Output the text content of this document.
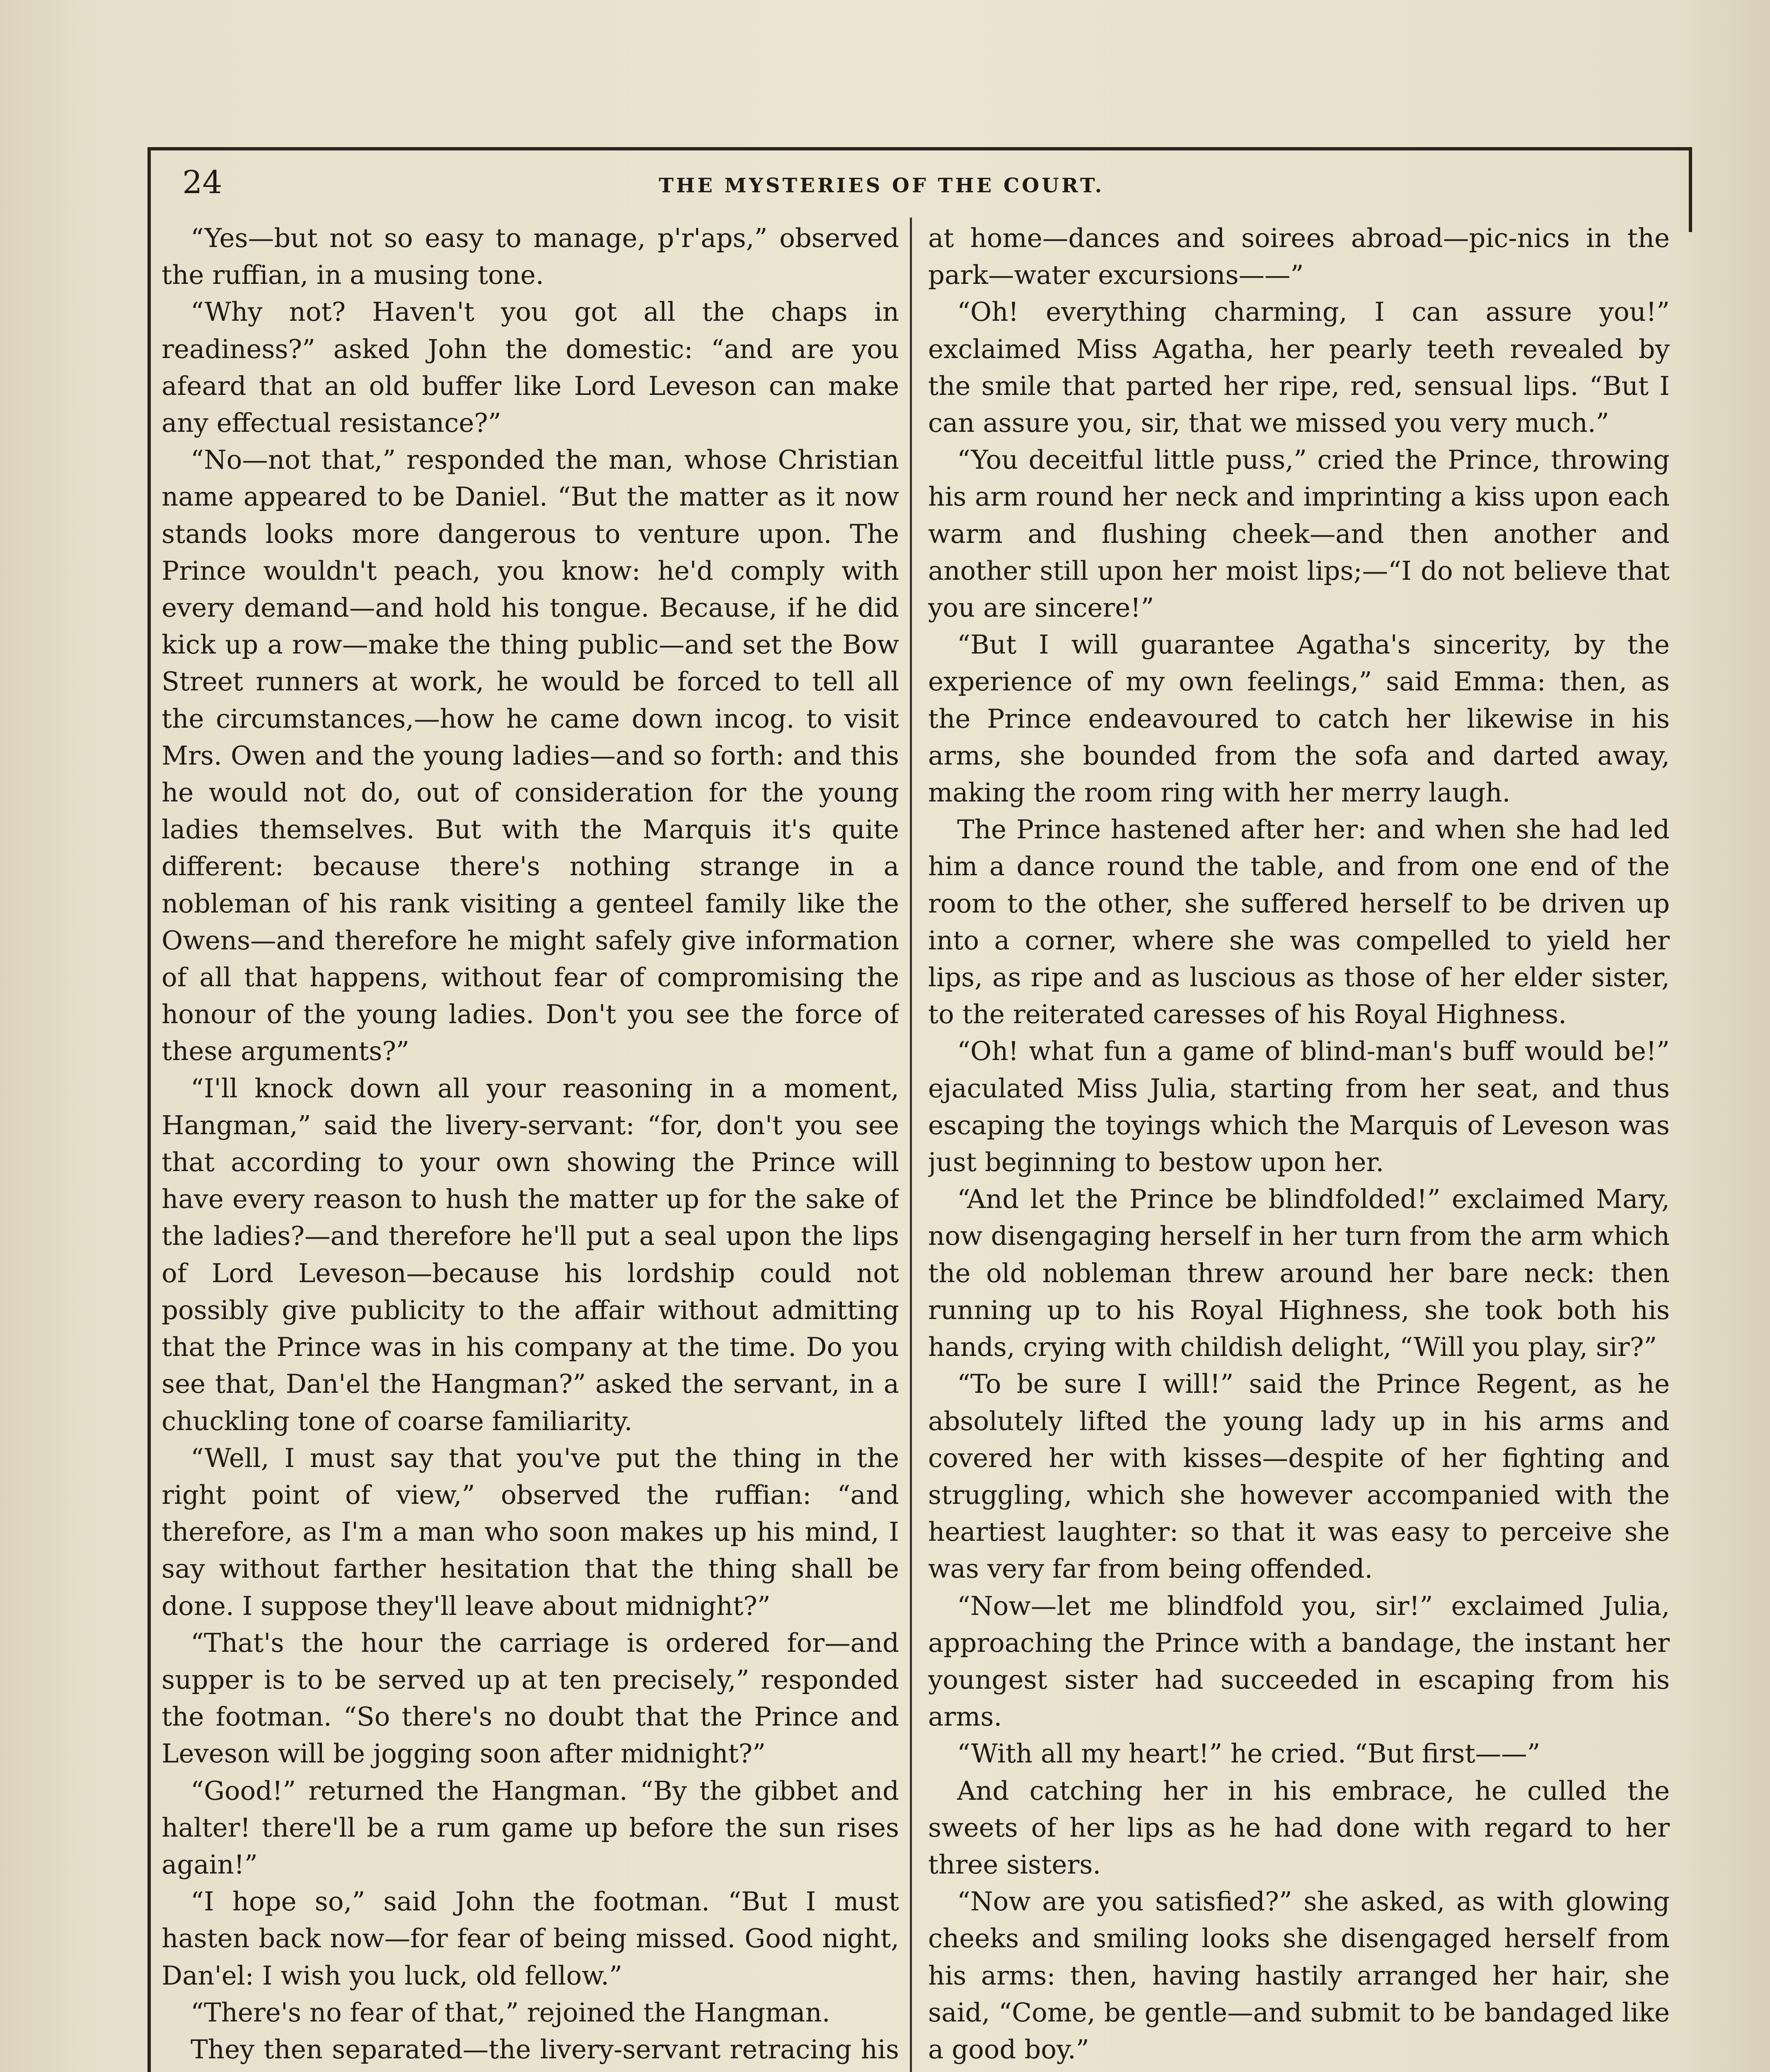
24	THE MYSTERIES OF THE COURT.

“Yes—but not so easy to manage, p'r'aps,” observed the ruffian, in a musing tone.

“Why not? Haven't you got all the chaps in readiness?” asked John the domestic: “and are you afeard that an old buffer like Lord Leveson can make any effectual resistance?”

“No—not that,” responded the man, whose Christian name appeared to be Daniel. “But the matter as it now stands looks more dangerous to venture upon. The Prince wouldn't peach, you know: he'd comply with every demand—and hold his tongue. Because, if he did kick up a row—make the thing public—and set the Bow Street runners at work, he would be forced to tell all the circumstances,—how he came down incog. to visit Mrs. Owen and the young ladies—and so forth: and this he would not do, out of consideration for the young ladies themselves. But with the Marquis it's quite different: because there's nothing strange in a nobleman of his rank visiting a genteel family like the Owens—and therefore he might safely give information of all that happens, without fear of compromising the honour of the young ladies. Don't you see the force of these arguments?”

“I'll knock down all your reasoning in a moment, Hangman,” said the livery-servant: “for, don't you see that according to your own showing the Prince will have every reason to hush the matter up for the sake of the ladies?—and therefore he'll put a seal upon the lips of Lord Leveson—because his lordship could not possibly give publicity to the affair without admitting that the Prince was in his company at the time. Do you see that, Dan'el the Hangman?” asked the servant, in a chuckling tone of coarse familiarity.

“Well, I must say that you've put the thing in the right point of view,” observed the ruffian: “and therefore, as I'm a man who soon makes up his mind, I say without farther hesitation that the thing shall be done. I suppose they'll leave about midnight?”

“That's the hour the carriage is ordered for—and supper is to be served up at ten precisely,” responded the footman. “So there's no doubt that the Prince and Leveson will be jogging soon after midnight?”

“Good!” returned the Hangman. “By the gibbet and halter! there'll be a rum game up before the sun rises again!”

“I hope so,” said John the footman. “But I must hasten back now—for fear of being missed. Good night, Dan'el: I wish you luck, old fellow.”

“There's no fear of that,” rejoined the Hangman.

They then separated—the livery-servant retracing his

at home—dances and soirees abroad—pic-nics in the park—water excursions——”

“Oh! everything charming, I can assure you!” exclaimed Miss Agatha, her pearly teeth revealed by the smile that parted her ripe, red, sensual lips. “But I can assure you, sir, that we missed you very much.”

“You deceitful little puss,” cried the Prince, throwing his arm round her neck and imprinting a kiss upon each warm and flushing cheek—and then another and another still upon her moist lips;—“I do not believe that you are sincere!”

“But I will guarantee Agatha's sincerity, by the experience of my own feelings,” said Emma: then, as the Prince endeavoured to catch her likewise in his arms, she bounded from the sofa and darted away, making the room ring with her merry laugh.

The Prince hastened after her: and when she had led him a dance round the table, and from one end of the room to the other, she suffered herself to be driven up into a corner, where she was compelled to yield her lips, as ripe and as luscious as those of her elder sister, to the reiterated caresses of his Royal Highness.

“Oh! what fun a game of blind-man's buff would be!” ejaculated Miss Julia, starting from her seat, and thus escaping the toyings which the Marquis of Leveson was just beginning to bestow upon her.

“And let the Prince be blindfolded!” exclaimed Mary, now disengaging herself in her turn from the arm which the old nobleman threw around her bare neck: then running up to his Royal Highness, she took both his hands, crying with childish delight, “Will you play, sir?”

“To be sure I will!” said the Prince Regent, as he absolutely lifted the young lady up in his arms and covered her with kisses—despite of her fighting and struggling, which she however accompanied with the heartiest laughter: so that it was easy to perceive she was very far from being offended.

“Now—let me blindfold you, sir!” exclaimed Julia, approaching the Prince with a bandage, the instant her youngest sister had succeeded in escaping from his arms.

“With all my heart!” he cried. “But first——”

And catching her in his embrace, he culled the sweets of her lips as he had done with regard to her three sisters.

“Now are you satisfied?” she asked, as with glowing cheeks and smiling looks she disengaged herself from his arms: then, having hastily arranged her hair, she said, “Come, be gentle—and submit to be bandaged like a good boy.”
